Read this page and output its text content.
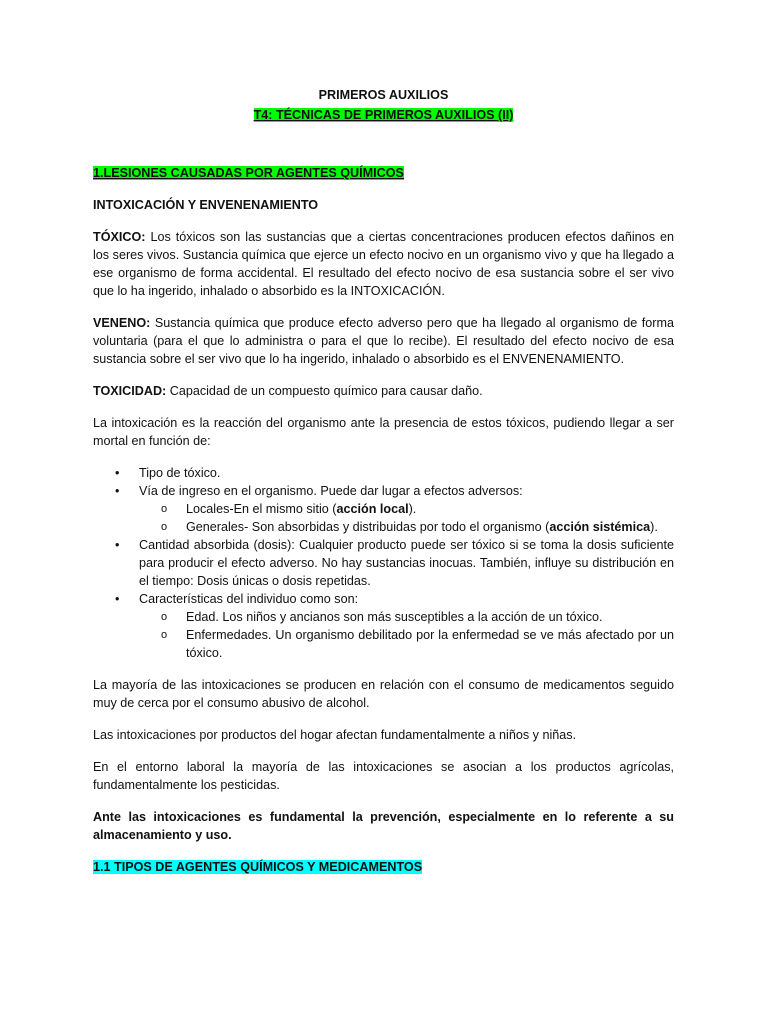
PRIMEROS AUXILIOS

T4: TÉCNICAS DE PRIMEROS AUXILIOS (II)

1.LESIONES CAUSADAS POR AGENTES QUÍMICOS

INTOXICACIÓN Y ENVENENAMIENTO

TÓXICO: Los tóxicos son las sustancias que a ciertas concentraciones producen efectos dañinos en los seres vivos. Sustancia química que ejerce un efecto nocivo en un organismo vivo y que ha llegado a ese organismo de forma accidental. El resultado del efecto nocivo de esa sustancia sobre el ser vivo que lo ha ingerido, inhalado o absorbido es la INTOXICACIÓN.

VENENO: Sustancia química que produce efecto adverso pero que ha llegado al organismo de forma voluntaria (para el que lo administra o para el que lo recibe). El resultado del efecto nocivo de esa sustancia sobre el ser vivo que lo ha ingerido, inhalado o absorbido es el ENVENENAMIENTO.

TOXICIDAD: Capacidad de un compuesto químico para causar daño.

La intoxicación es la reacción del organismo ante la presencia de estos tóxicos, pudiendo llegar a ser mortal en función de:

• Tipo de tóxico.
• Vía de ingreso en el organismo. Puede dar lugar a efectos adversos:
o Locales-En el mismo sitio (acción local).
o Generales- Son absorbidas y distribuidas por todo el organismo (acción sistémica).
• Cantidad absorbida (dosis): Cualquier producto puede ser tóxico si se toma la dosis suficiente para producir el efecto adverso. No hay sustancias inocuas. También, influye su distribución en el tiempo: Dosis únicas o dosis repetidas.
• Características del individuo como son:
o Edad. Los niños y ancianos son más susceptibles a la acción de un tóxico.
o Enfermedades. Un organismo debilitado por la enfermedad se ve más afectado por un tóxico.

La mayoría de las intoxicaciones se producen en relación con el consumo de medicamentos seguido muy de cerca por el consumo abusivo de alcohol.

Las intoxicaciones por productos del hogar afectan fundamentalmente a niños y niñas.

En el entorno laboral la mayoría de las intoxicaciones se asocian a los productos agrícolas, fundamentalmente los pesticidas.

Ante las intoxicaciones es fundamental la prevención, especialmente en lo referente a su almacenamiento y uso.

1.1 TIPOS DE AGENTES QUÍMICOS Y MEDICAMENTOS
